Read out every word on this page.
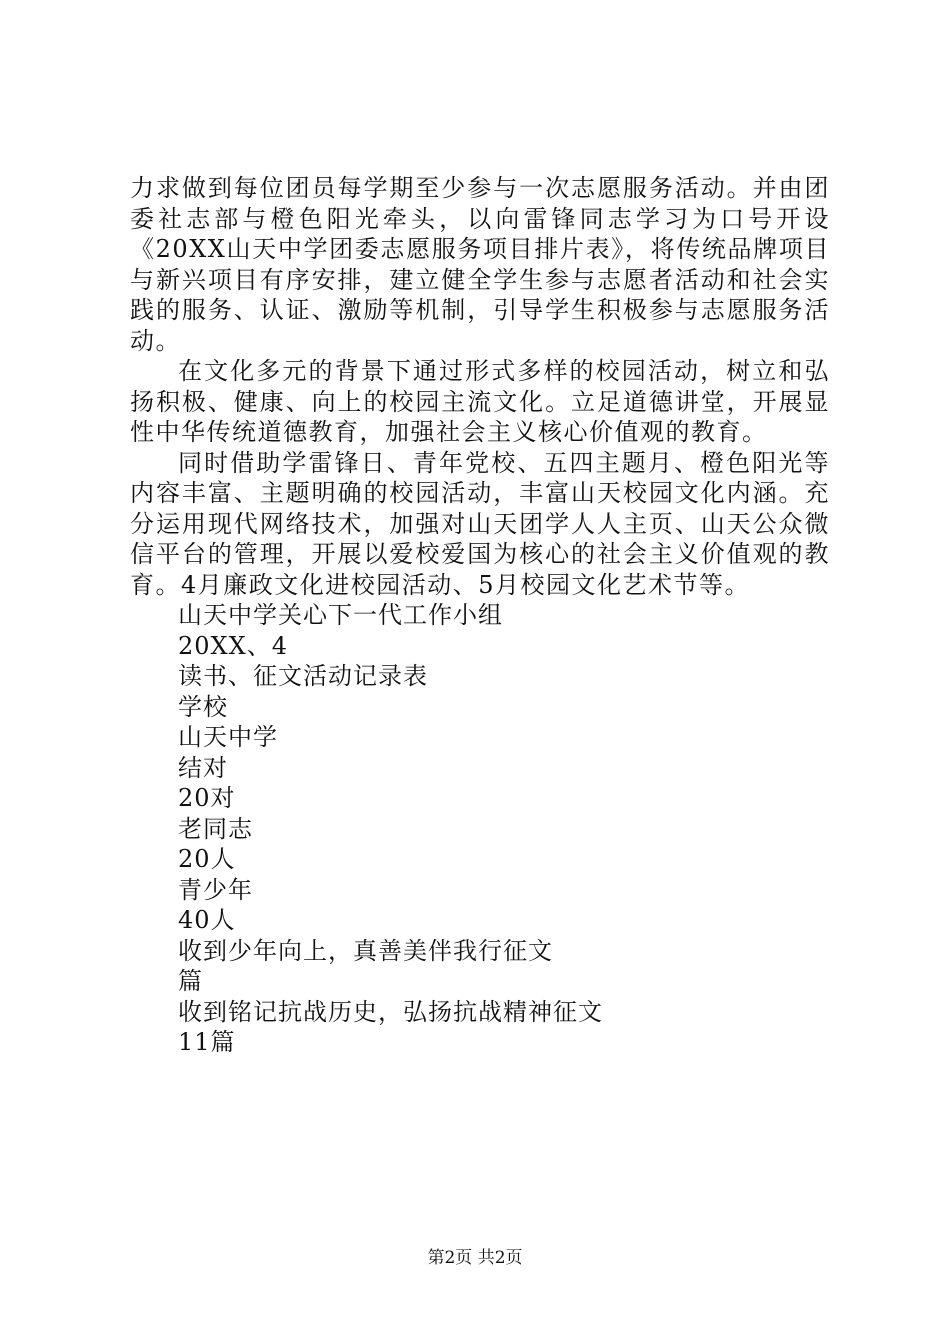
力求做到每位团员每学期至少参与一次志愿服务活动。并由团委社志部与橙色阳光牵头，以向雷锋同志学习为口号开设《20XX山天中学团委志愿服务项目排片表》，将传统品牌项目与新兴项目有序安排，建立健全学生参与志愿者活动和社会实践的服务、认证、激励等机制，引导学生积极参与志愿服务活动。

在文化多元的背景下通过形式多样的校园活动，树立和弘扬积极、健康、向上的校园主流文化。立足道德讲堂，开展显性中华传统道德教育，加强社会主义核心价值观的教育。

同时借助学雷锋日、青年党校、五四主题月、橙色阳光等内容丰富、主题明确的校园活动，丰富山天校园文化内涵。充分运用现代网络技术，加强对山天团学人人主页、山天公众微信平台的管理，开展以爱校爱国为核心的社会主义价值观的教育。4月廉政文化进校园活动、5月校园文化艺术节等。

山天中学关心下一代工作小组

20XX、4

读书、征文活动记录表

学校

山天中学

结对

20对

老同志

20人

青少年

40人

收到少年向上，真善美伴我行征文

篇

收到铭记抗战历史，弘扬抗战精神征文

11篇

第2页 共2页
